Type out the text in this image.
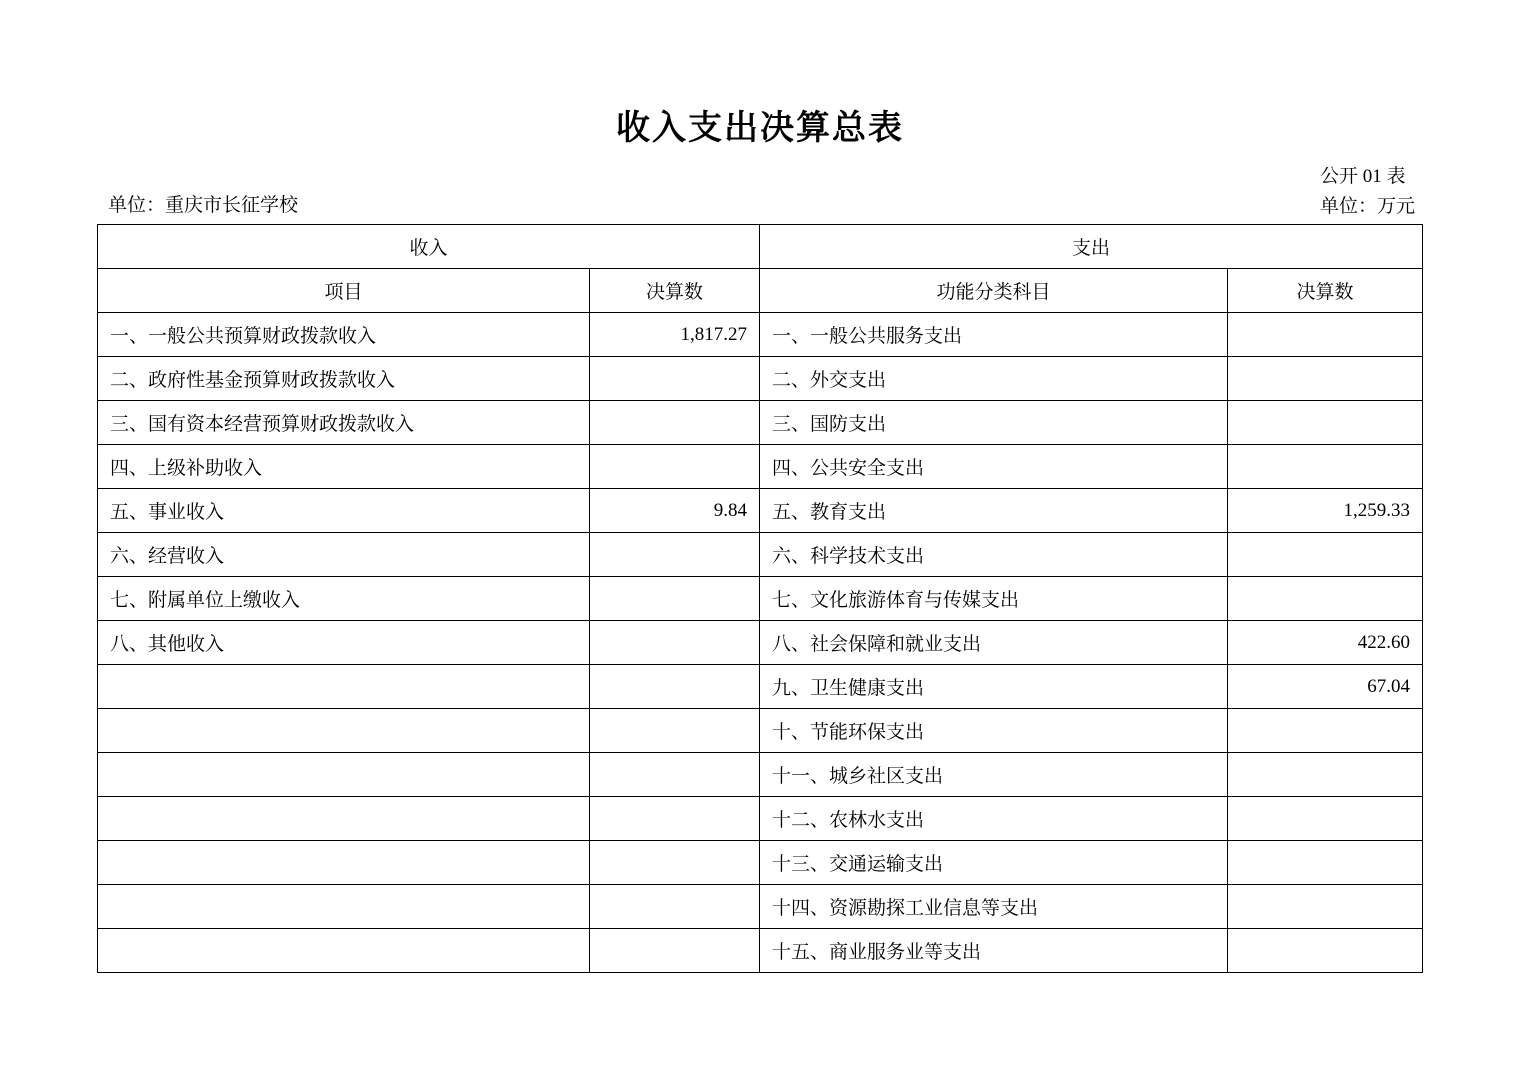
收入支出决算总表
公开 01 表
单位：万元
单位：重庆市长征学校
收入		支出	
项目	决算数	功能分类科目	决算数
一、一般公共预算财政拨款收入	1,817.27	一、一般公共服务支出	
二、政府性基金预算财政拨款收入		二、外交支出	
三、国有资本经营预算财政拨款收入		三、国防支出	
四、上级补助收入		四、公共安全支出	
五、事业收入	9.84	五、教育支出	1,259.33
六、经营收入		六、科学技术支出	
七、附属单位上缴收入		七、文化旅游体育与传媒支出	
八、其他收入		八、社会保障和就业支出	422.60
		九、卫生健康支出	67.04
		十、节能环保支出	
		十一、城乡社区支出	
		十二、农林水支出	
		十三、交通运输支出	
		十四、资源勘探工业信息等支出	
		十五、商业服务业等支出	
